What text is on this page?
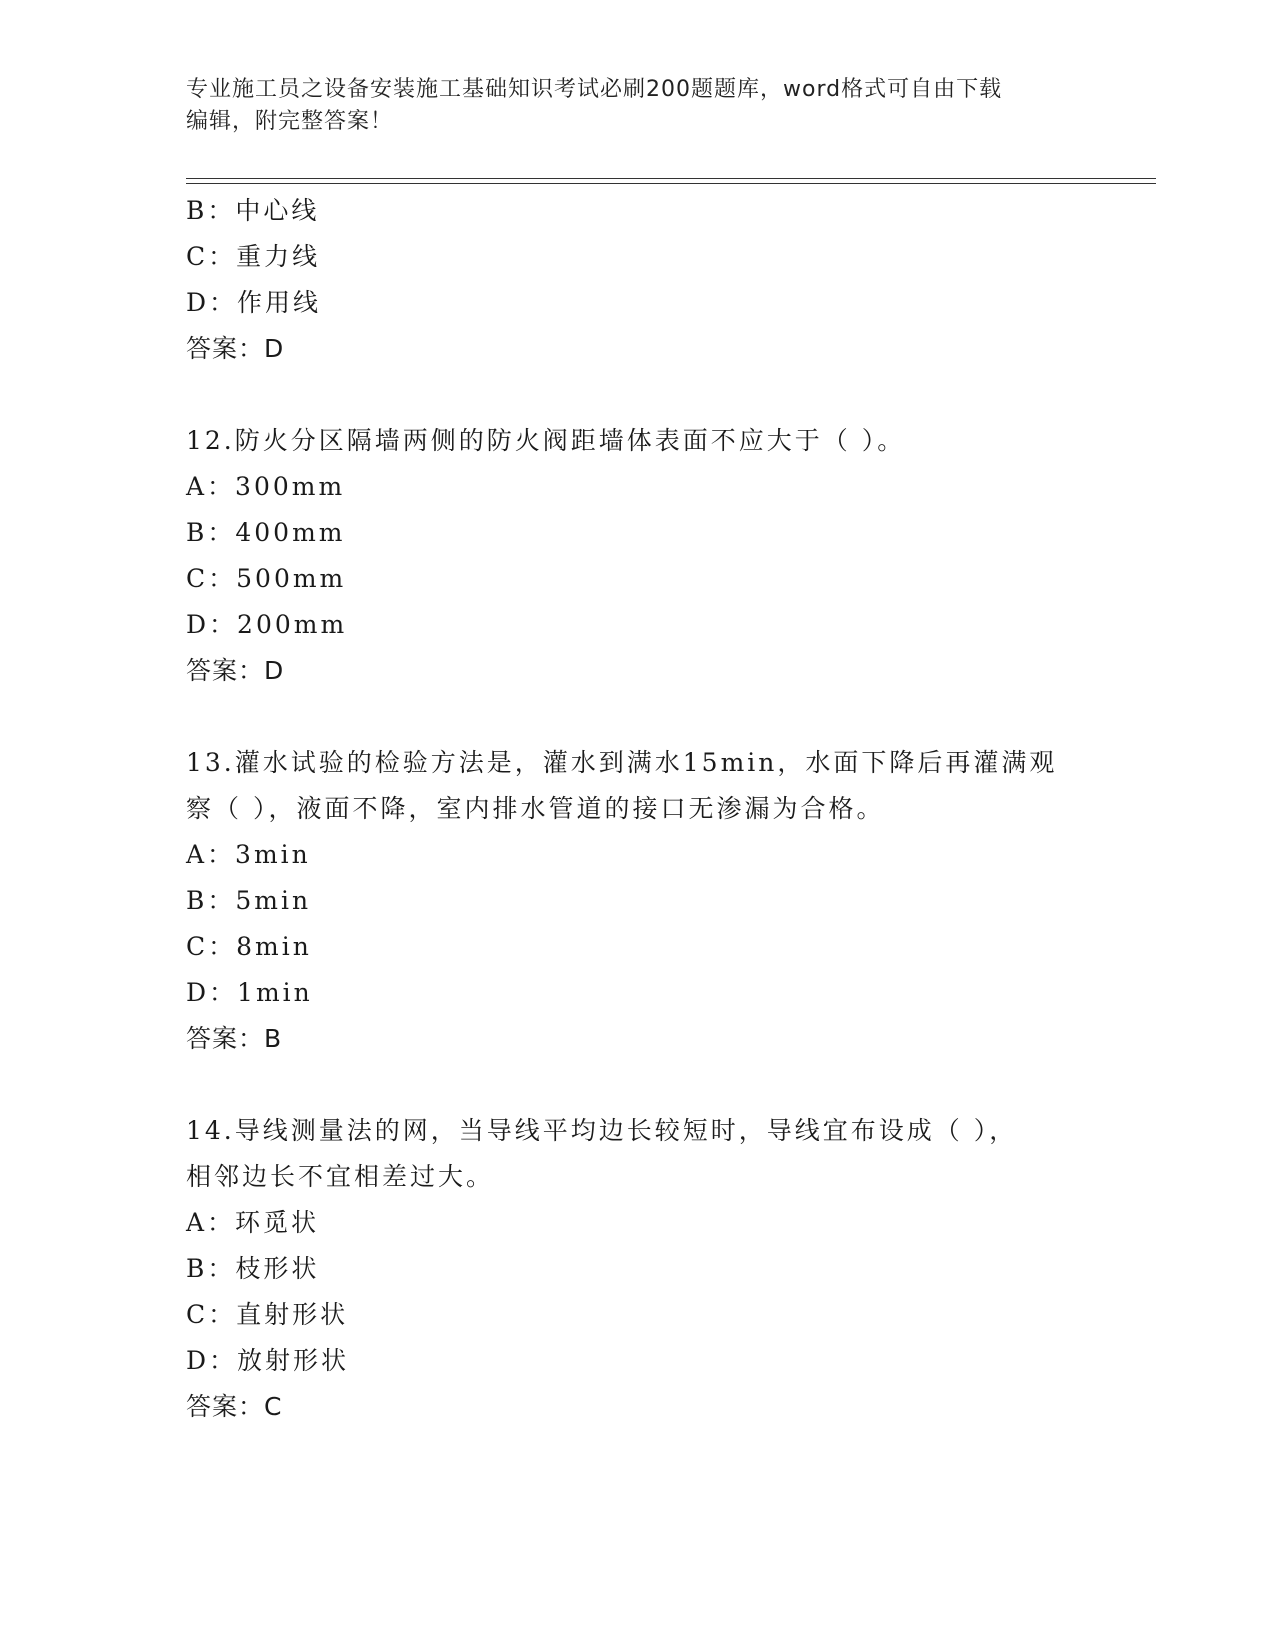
专业施工员之设备安装施工基础知识考试必刷200题题库，word格式可自由下载
编辑，附完整答案！
B：中心线
C：重力线
D：作用线
答案：D
12.防火分区隔墙两侧的防火阀距墙体表面不应大于（ ）。
A：300mm
B：400mm
C：500mm
D：200mm
答案：D
13.灌水试验的检验方法是，灌水到满水15min，水面下降后再灌满观
察（ ），液面不降，室内排水管道的接口无渗漏为合格。
A：3min
B：5min
C：8min
D：1min
答案：B
14.导线测量法的网，当导线平均边长较短时，导线宜布设成（ ），
相邻边长不宜相差过大。
A：环觅状
B：枝形状
C：直射形状
D：放射形状
答案：C
